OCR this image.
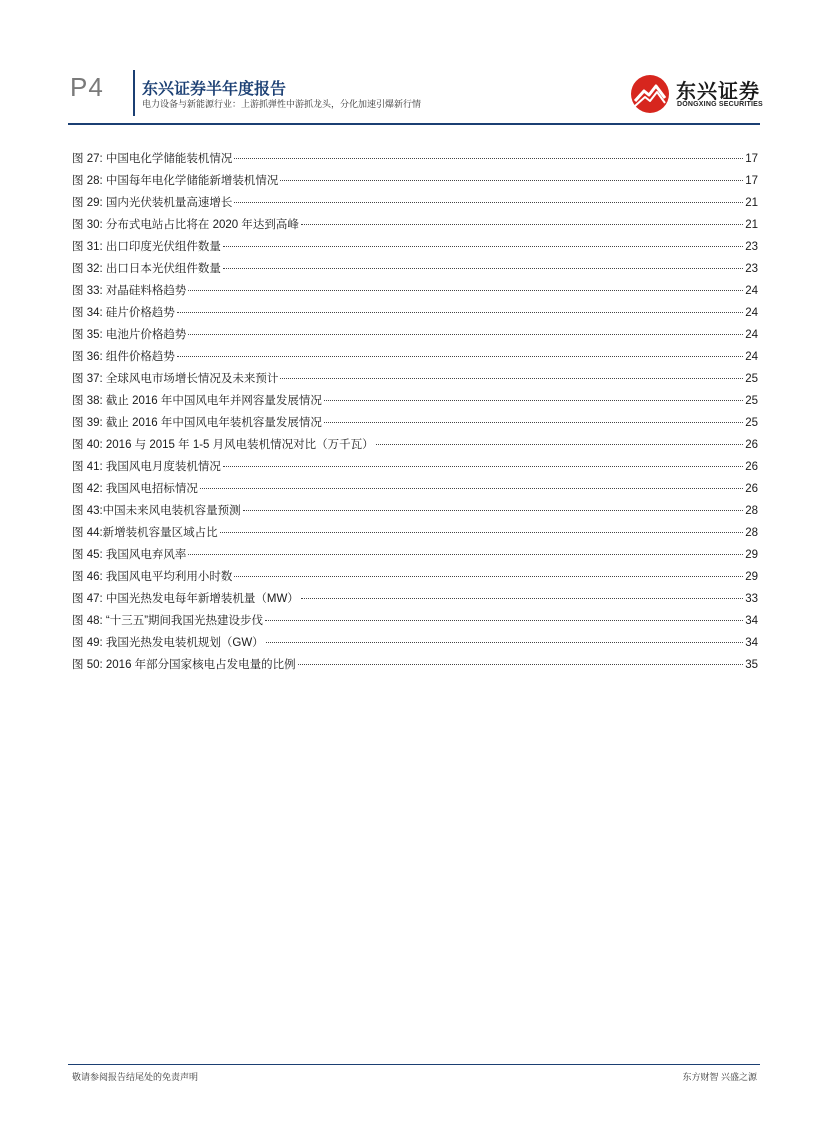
P4 东兴证券半年度报告
电力设备与新能源行业：上游抓弹性中游抓龙头，分化加速引爆新行情
东兴证券
DONGXING SECURITIES
图 27: 中国电化学储能装机情况	17
图 28: 中国每年电化学储能新增装机情况	17
图 29: 国内光伏装机量高速增长	21
图 30: 分布式电站占比将在 2020 年达到高峰	21
图 31: 出口印度光伏组件数量	23
图 32: 出口日本光伏组件数量	23
图 33: 对晶硅料格趋势	24
图 34: 硅片价格趋势	24
图 35: 电池片价格趋势	24
图 36: 组件价格趋势	24
图 37: 全球风电市场增长情况及未来预计	25
图 38: 截止 2016 年中国风电年并网容量发展情况	25
图 39: 截止 2016 年中国风电年装机容量发展情况	25
图 40: 2016 与 2015 年 1-5 月风电装机情况对比（万千瓦）	26
图 41: 我国风电月度装机情况	26
图 42: 我国风电招标情况	26
图 43:中国未来风电装机容量预测	28
图 44:新增装机容量区域占比	28
图 45: 我国风电弃风率	29
图 46: 我国风电平均利用小时数	29
图 47: 中国光热发电每年新增装机量（MW）	33
图 48: “十三五”期间我国光热建设步伐	34
图 49: 我国光热发电装机规划（GW）	34
图 50: 2016 年部分国家核电占发电量的比例	35
敬请参阅报告结尾处的免责声明	东方财智 兴盛之源
